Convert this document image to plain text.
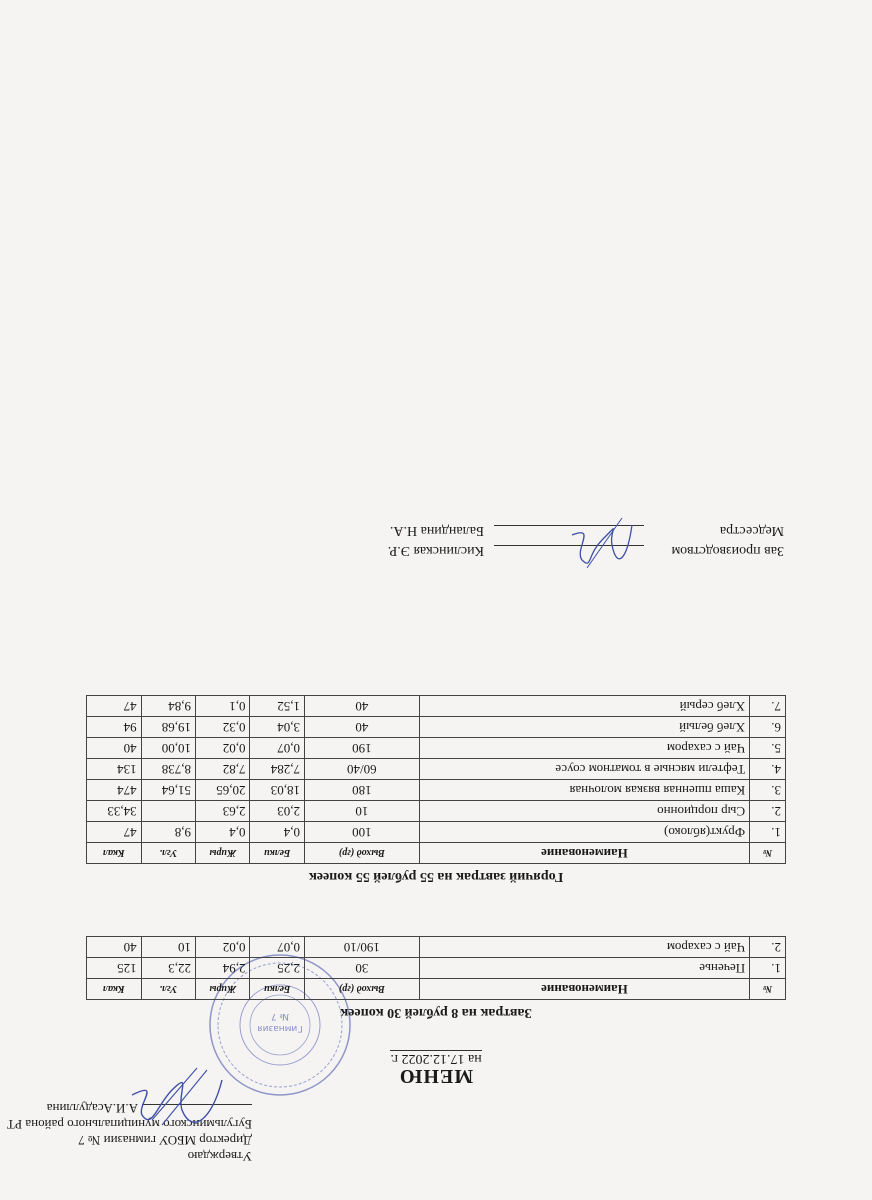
Утверждаю
Директор МБОУ гимназии № 7
Бугульминского муниципального района РТ
А.И.Асадуллина
Гимназия
№ 7
МЕНЮ
на 17.12.2022 г.
Завтрак на 8 рублей 30 копеек
№	Наименование	Выход (гр)	Белки	Жиры	Угл.	Ккал
1.	Печенье	30	2,25	2,94	22,3	125
2.	Чай с сахаром	190/10	0,07	0,02	10	40
Горячий завтрак на 55 рублей 55 копеек
№	Наименование	Выход (гр)	Белки	Жиры	Угл.	Ккал
1.	Фрукт(яблоко)	100	0,4	0,4	9,8	47
2.	Сыр порционно	10	2,03	2,63		34,33
3.	Каша пшенная вязкая молочная	180	18,03	20,65	51,64	474
4.	Тефтели мясные в томатном соусе	60/40	7,284	7,82	8,738	134
5.	Чай с сахаром	190	0,07	0,02	10,00	40
6.	Хлеб белый	40	3,04	0,32	19,68	94
7.	Хлеб серый	40	1,52	0,1	9,84	47
Зав производством
Кислинская Э.Р.
Медсестра
Баландина Н.А.
